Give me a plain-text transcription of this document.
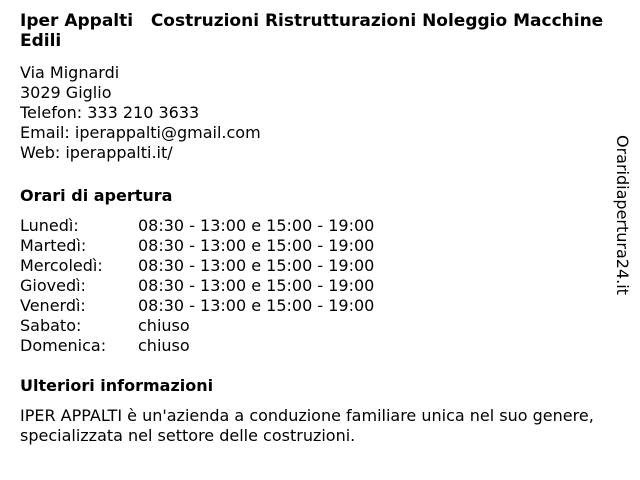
Iper Appalti   Costruzioni Ristrutturazioni Noleggio Macchine Edili
Via Mignardi
3029 Giglio
Telefon: 333 210 3633
Email: iperappalti@gmail.com
Web: iperappalti.it/
Orari di apertura
Lunedì:	08:30 - 13:00 e 15:00 - 19:00
Martedì:	08:30 - 13:00 e 15:00 - 19:00
Mercoledì:	08:30 - 13:00 e 15:00 - 19:00
Giovedì:	08:30 - 13:00 e 15:00 - 19:00
Venerdì:	08:30 - 13:00 e 15:00 - 19:00
Sabato:	chiuso
Domenica:	chiuso
Ulteriori informazioni
IPER APPALTI è un'azienda a conduzione familiare unica nel suo genere, specializzata nel settore delle costruzioni.
Oraridiapertura24.it
